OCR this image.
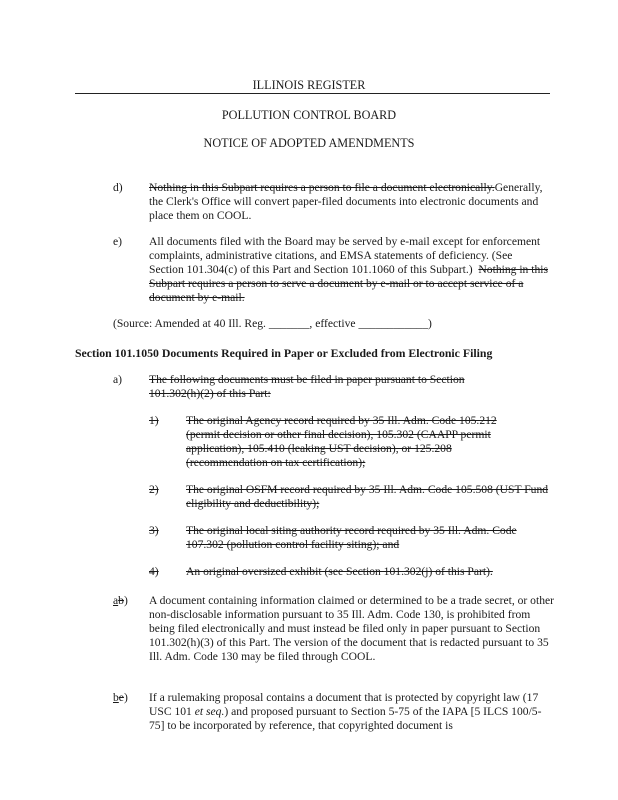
ILLINOIS REGISTER
POLLUTION CONTROL BOARD
NOTICE OF ADOPTED AMENDMENTS
d) Nothing in this Subpart requires a person to file a document electronically.Generally, the Clerk's Office will convert paper-filed documents into electronic documents and place them on COOL.
e) All documents filed with the Board may be served by e-mail except for enforcement complaints, administrative citations, and EMSA statements of deficiency. (See Section 101.304(c) of this Part and Section 101.1060 of this Subpart.) Nothing in this Subpart requires a person to serve a document by e-mail or to accept service of a document by e-mail.
(Source: Amended at 40 Ill. Reg. _______, effective ____________)
Section 101.1050 Documents Required in Paper or Excluded from Electronic Filing
a) The following documents must be filed in paper pursuant to Section 101.302(h)(2) of this Part:
1) The original Agency record required by 35 Ill. Adm. Code 105.212 (permit decision or other final decision), 105.302 (CAAPP permit application), 105.410 (leaking UST decision), or 125.208 (recommendation on tax certification);
2) The original OSFM record required by 35 Ill. Adm. Code 105.508 (UST Fund eligibility and deductibility);
3) The original local siting authority record required by 35 Ill. Adm. Code 107.302 (pollution control facility siting); and
4) An original oversized exhibit (see Section 101.302(j) of this Part).
ab) A document containing information claimed or determined to be a trade secret, or other non-disclosable information pursuant to 35 Ill. Adm. Code 130, is prohibited from being filed electronically and must instead be filed only in paper pursuant to Section 101.302(h)(3) of this Part. The version of the document that is redacted pursuant to 35 Ill. Adm. Code 130 may be filed through COOL.
be) If a rulemaking proposal contains a document that is protected by copyright law (17 USC 101 et seq.) and proposed pursuant to Section 5-75 of the IAPA [5 ILCS 100/5-75] to be incorporated by reference, that copyrighted document is
